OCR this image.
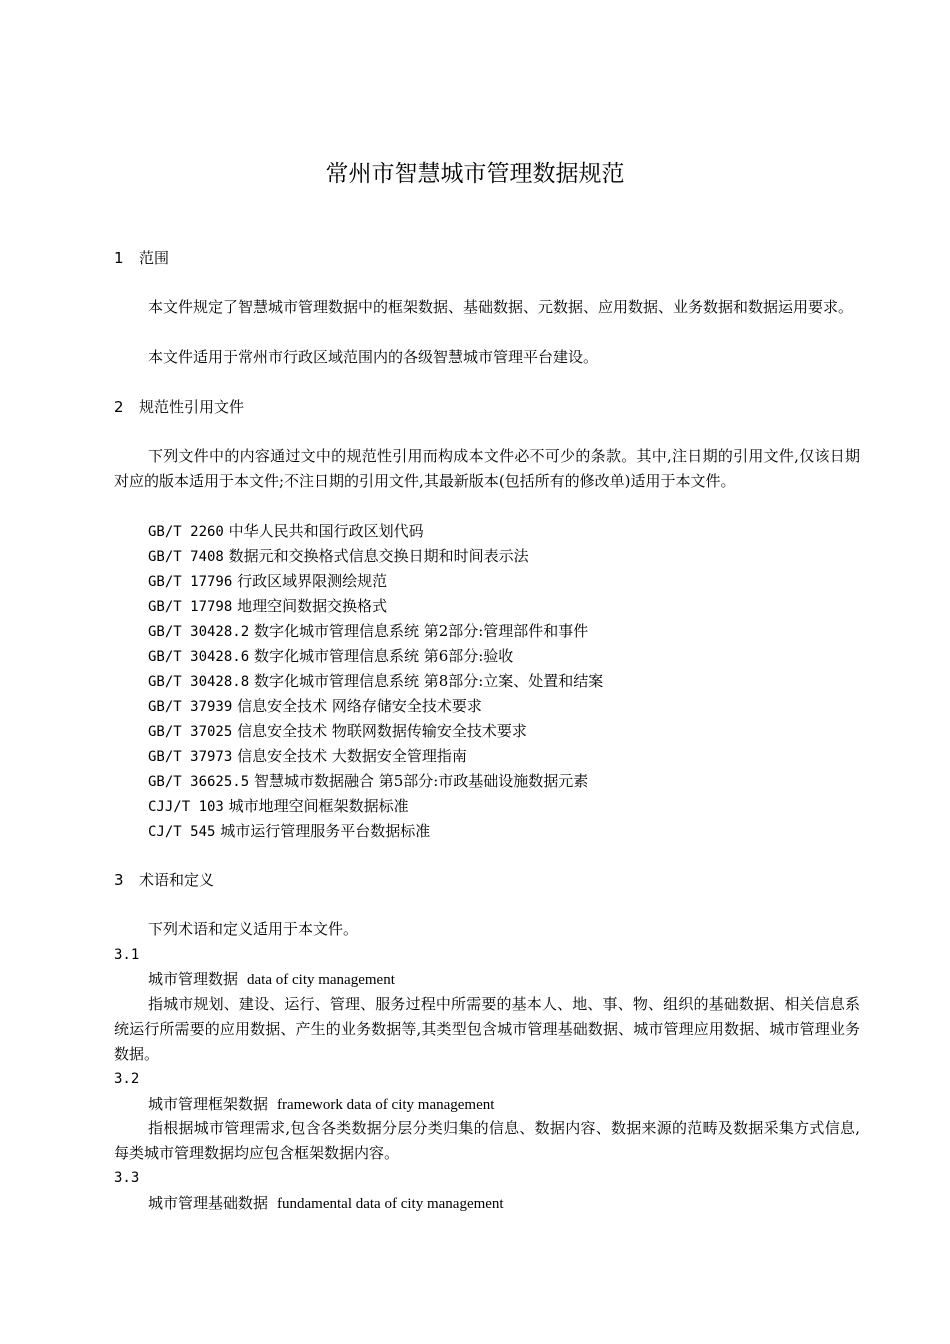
常州市智慧城市管理数据规范
1 范围
本文件规定了智慧城市管理数据中的框架数据、基础数据、元数据、应用数据、业务数据和数据运用要求。
本文件适用于常州市行政区域范围内的各级智慧城市管理平台建设。
2 规范性引用文件
下列文件中的内容通过文中的规范性引用而构成本文件必不可少的条款。其中,注日期的引用文件,仅该日期对应的版本适用于本文件;不注日期的引用文件,其最新版本(包括所有的修改单)适用于本文件。
GB/T 2260 中华人民共和国行政区划代码
GB/T 7408 数据元和交换格式信息交换日期和时间表示法
GB/T 17796 行政区域界限测绘规范
GB/T 17798 地理空间数据交换格式
GB/T 30428.2 数字化城市管理信息系统 第2部分:管理部件和事件
GB/T 30428.6 数字化城市管理信息系统 第6部分:验收
GB/T 30428.8 数字化城市管理信息系统 第8部分:立案、处置和结案
GB/T 37939 信息安全技术 网络存储安全技术要求
GB/T 37025 信息安全技术 物联网数据传输安全技术要求
GB/T 37973 信息安全技术 大数据安全管理指南
GB/T 36625.5 智慧城市数据融合 第5部分:市政基础设施数据元素
CJJ/T 103 城市地理空间框架数据标准
CJ/T 545 城市运行管理服务平台数据标准
3 术语和定义
下列术语和定义适用于本文件。
3.1
城市管理数据 data of city management
指城市规划、建设、运行、管理、服务过程中所需要的基本人、地、事、物、组织的基础数据、相关信息系统运行所需要的应用数据、产生的业务数据等,其类型包含城市管理基础数据、城市管理应用数据、城市管理业务数据。
3.2
城市管理框架数据 framework data of city management
指根据城市管理需求,包含各类数据分层分类归集的信息、数据内容、数据来源的范畴及数据采集方式信息,每类城市管理数据均应包含框架数据内容。
3.3
城市管理基础数据 fundamental data of city management
